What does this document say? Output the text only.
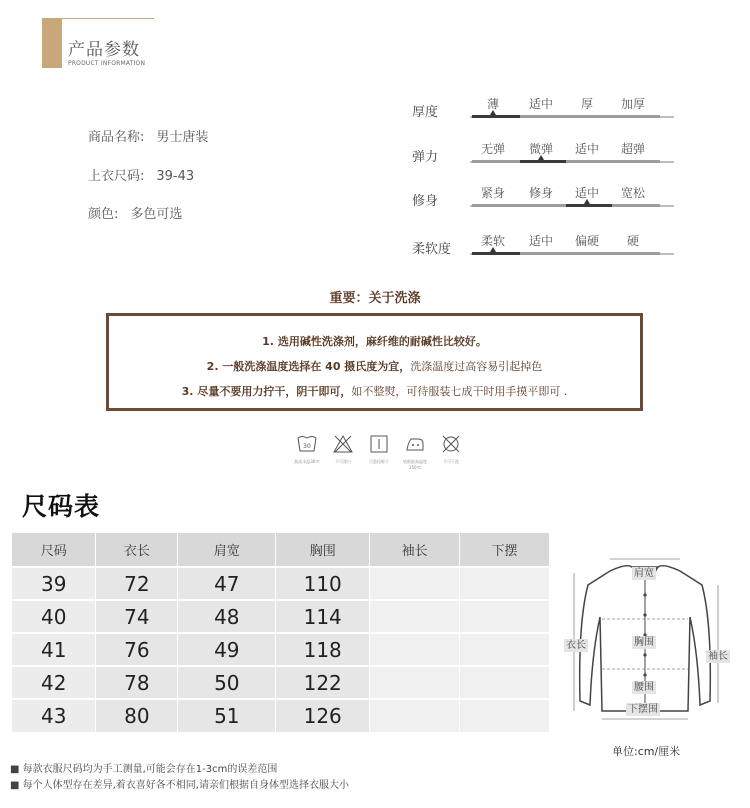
产品参数
PRODUCT INFORMATION
商品名称: 男士唐装
上衣尺码: 39-43
颜色: 多色可选
厚度
薄	适中	厚	加厚
弹力
无弹	微弹	适中	超弹
修身
紧身	修身	适中	宽松
柔软度
柔软	适中	偏硬	硬
重要：关于洗涤
1. 选用碱性洗涤剂，麻纤维的耐碱性比较好。
2. 一般洗涤温度选择在 40 摄氏度为宜，洗涤温度过高容易引起掉色
3. 尽量不要用力拧干，阴干即可，如不整熨，可待服装七成干时用手摸平即可 .
30
最高水温30℃	不可漂白	可悬挂晾干	底板最高温度150℃
不可干洗
尺码表
尺码	衣长	肩宽	胸围	袖长	下摆
39	72	47	110		
40	74	48	114		
41	76	49	118		
42	78	50	122		
43	80	51	126		
肩宽
衣长	胸围
袖长
腰围
下摆围
单位:cm/厘米
■ 每款衣服尺码均为手工测量,可能会存在1-3cm的误差范围
■ 每个人体型存在差异,着衣喜好各不相同,请亲们根据自身体型选择衣服大小
